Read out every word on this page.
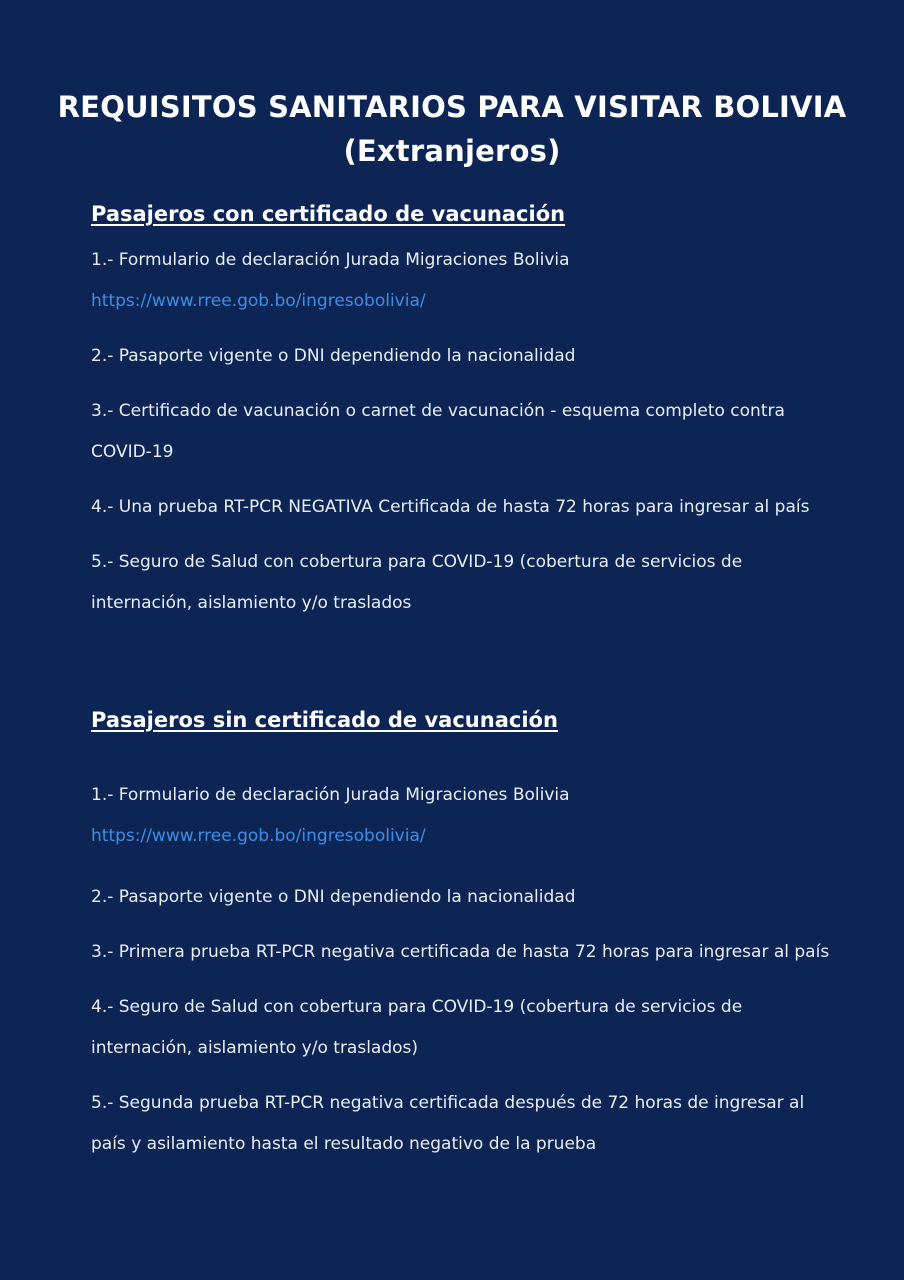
REQUISITOS SANITARIOS PARA VISITAR BOLIVIA
(Extranjeros)
Pasajeros con certificado de vacunación

1.- Formulario de declaración Jurada Migraciones Bolivia
https://www.rree.gob.bo/ingresobolivia/

2.- Pasaporte vigente o DNI dependiendo la nacionalidad

3.- Certificado de vacunación o carnet de vacunación - esquema completo contra COVID-19

4.- Una prueba RT-PCR NEGATIVA Certificada de hasta 72 horas para ingresar al país

5.- Seguro de Salud con cobertura para COVID-19 (cobertura de servicios de internación, aislamiento y/o traslados

Pasajeros sin certificado de vacunación

1.- Formulario de declaración Jurada Migraciones Bolivia
https://www.rree.gob.bo/ingresobolivia/

2.- Pasaporte vigente o DNI dependiendo la nacionalidad

3.- Primera prueba RT-PCR negativa certificada de hasta 72 horas para ingresar al país

4.- Seguro de Salud con cobertura para COVID-19 (cobertura de servicios de internación, aislamiento y/o traslados)

5.- Segunda prueba RT-PCR negativa certificada después de 72 horas de ingresar al país y asilamiento hasta el resultado negativo de la prueba
